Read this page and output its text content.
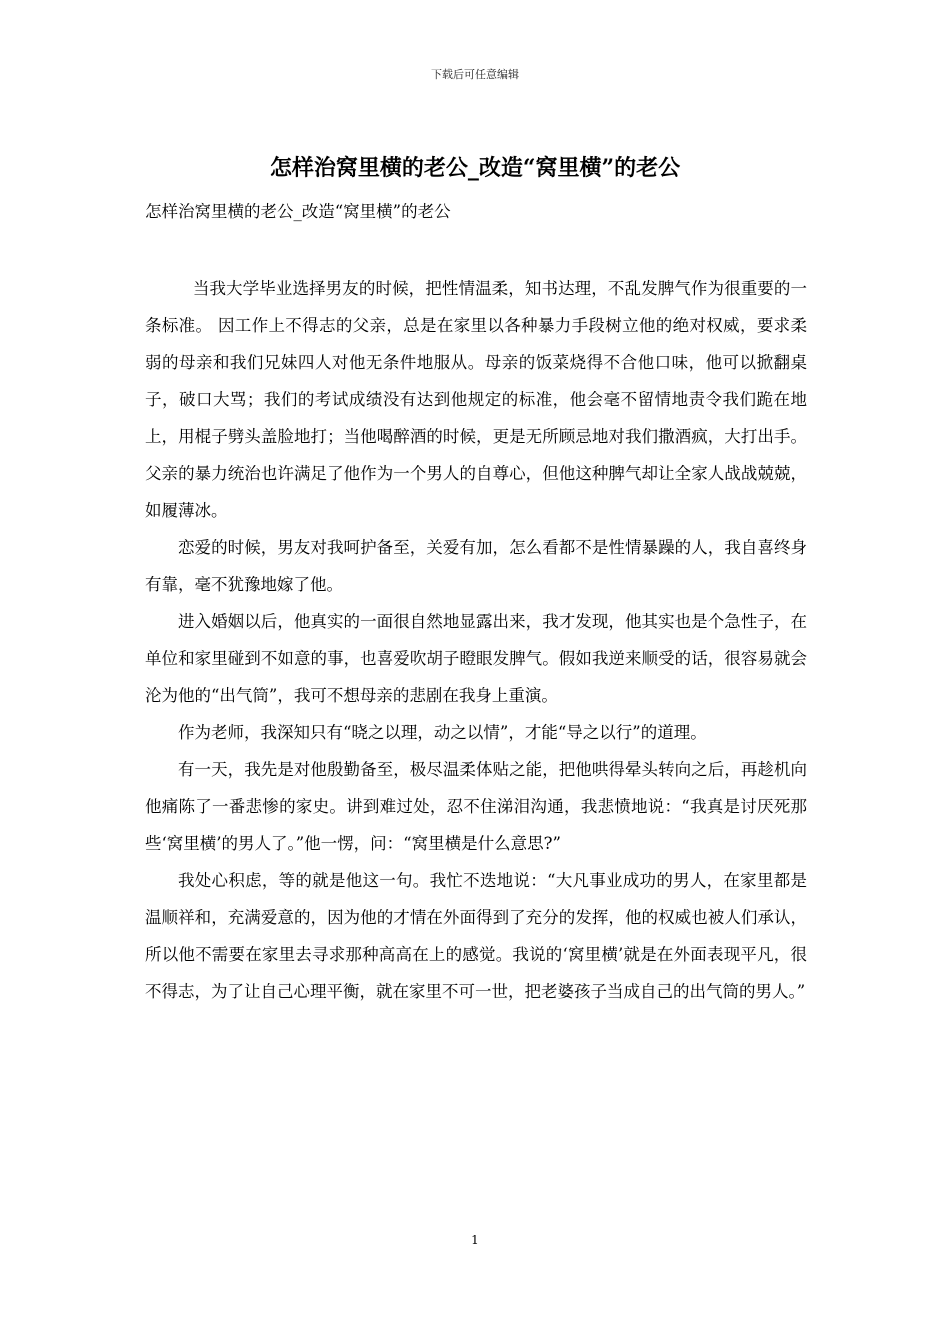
下载后可任意编辑
怎样治窝里横的老公_改造“窝里横”的老公
怎样治窝里横的老公_改造“窝里横”的老公

当我大学毕业选择男友的时候，把性情温柔，知书达理，不乱发脾气作为很重要的一条标准。 因工作上不得志的父亲，总是在家里以各种暴力手段树立他的绝对权威，要求柔弱的母亲和我们兄妹四人对他无条件地服从。母亲的饭菜烧得不合他口味，他可以掀翻桌子，破口大骂；我们的考试成绩没有达到他规定的标准，他会毫不留情地责令我们跪在地上，用棍子劈头盖脸地打；当他喝醉酒的时候，更是无所顾忌地对我们撒酒疯，大打出手。父亲的暴力统治也许满足了他作为一个男人的自尊心，但他这种脾气却让全家人战战兢兢，如履薄冰。

恋爱的时候，男友对我呵护备至，关爱有加，怎么看都不是性情暴躁的人，我自喜终身有靠，毫不犹豫地嫁了他。

进入婚姻以后，他真实的一面很自然地显露出来，我才发现，他其实也是个急性子，在单位和家里碰到不如意的事，也喜爱吹胡子瞪眼发脾气。假如我逆来顺受的话，很容易就会沦为他的“出气筒”，我可不想母亲的悲剧在我身上重演。

作为老师，我深知只有“晓之以理，动之以情”，才能“导之以行”的道理。

有一天，我先是对他殷勤备至，极尽温柔体贴之能，把他哄得晕头转向之后，再趁机向他痛陈了一番悲惨的家史。讲到难过处，忍不住涕泪沟通，我悲愤地说：“我真是讨厌死那些‘窝里横’的男人了。”他一愣，问：“窝里横是什么意思?”

我处心积虑，等的就是他这一句。我忙不迭地说：“大凡事业成功的男人，在家里都是温顺祥和，充满爱意的，因为他的才情在外面得到了充分的发挥，他的权威也被人们承认，所以他不需要在家里去寻求那种高高在上的感觉。我说的‘窝里横’就是在外面表现平凡，很不得志，为了让自己心理平衡，就在家里不可一世，把老婆孩子当成自己的出气筒的男人。”

1
